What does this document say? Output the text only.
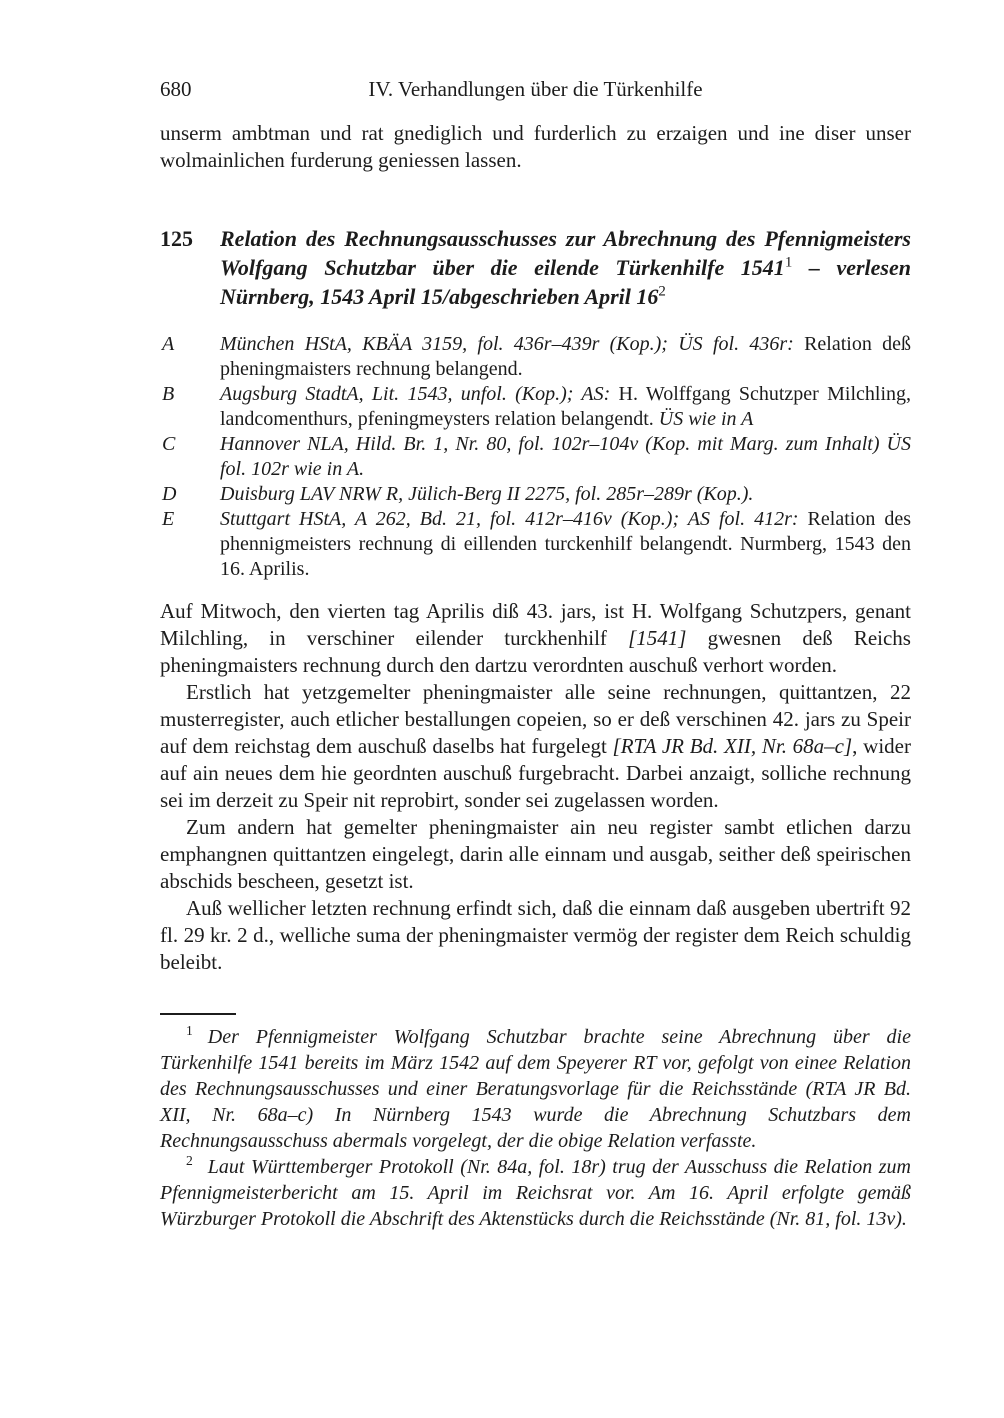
680	IV. Verhandlungen über die Türkenhilfe

unserm ambtman und rat gnediglich und furderlich zu erzaigen und ine diser unser wolmainlichen furderung geniessen lassen.

125 Relation des Rechnungsausschusses zur Abrechnung des Pfennigmeisters Wolfgang Schutzbar über die eilende Türkenhilfe 1541$^1$ – verlesen Nürnberg, 1543 April 15/abgeschrieben April $16^2$
A München HStA, KBÄA 3159, fol. 436r–439r (Kop.); ÜS fol. 436r: Relation deß pheningmaisters rechnung belangend.

B Augsburg StadtA, Lit. 1543, unfol. (Kop.); AS: H. Wolffgang Schutzper Milchling, landcomenthurs, pfeningmeysters relation belangendt. ÜS wie in A

C Hannover NLA, Hild. Br. 1, Nr. 80, fol. 102r–104v (Kop. mit Marg. zum Inhalt) ÜS fol. 102r wie in A.

D Duisburg LAV NRW R, Jülich-Berg II 2275, fol. 285r–289r (Kop.).

E Stuttgart HStA, A 262, Bd. 21, fol. 412r–416v (Kop.); AS fol. 412r: Relation des phennigmeisters rechnung di eillenden turckenhilf belangendt. Nurmberg, 1543 den 16. Aprilis.

Auf Mitwoch, den vierten tag Aprilis diß 43. jars, ist H. Wolfgang Schutzpers, genant Milchling, in verschiner eilender turckhenhilf [1541] gwesnen deß Reichs pheningmaisters rechnung durch den dartzu verordnten auschuß verhort worden.

Erstlich hat yetzgemelter pheningmaister alle seine rechnungen, quittantzen, 22 musterregister, auch etlicher bestallungen copeien, so er deß verschinen 42. jars zu Speir auf dem reichstag dem auschuß daselbs hat furgelegt [RTA JR Bd. XII, Nr. 68a–c], wider auf ain neues dem hie geordnten auschuß furgebracht. Darbei anzaigt, solliche rechnung sei im derzeit zu Speir nit reprobirt, sonder sei zugelassen worden.

Zum andern hat gemelter pheningmaister ain neu register sambt etlichen darzu emphangnen quittantzen eingelegt, darin alle einnam und ausgab, seither deß speirischen abschids bescheen, gesetzt ist.

Auß wellicher letzten rechnung erfindt sich, daß die einnam daß ausgeben ubertrift 92 fl. 29 kr. 2 d., welliche suma der pheningmaister vermög der register dem Reich schuldig beleibt.

$^1$ Der Pfennigmeister Wolfgang Schutzbar brachte seine Abrechnung über die Türkenhilfe 1541 bereits im März 1542 auf dem Speyerer RT vor, gefolgt von einee Relation des Rechnungsausschusses und einer Beratungsvorlage für die Reichsstände (RTA JR Bd. XII, Nr. 68a–c) In Nürnberg 1543 wurde die Abrechnung Schutzbars dem Rechnungsausschuss abermals vorgelegt, der die obige Relation verfasste.

$^2$ Laut Württemberger Protokoll (Nr. 84a, fol. 18r) trug der Ausschuss die Relation zum Pfennigmeisterbericht am 15. April im Reichsrat vor. Am 16. April erfolgte gemäß Würzburger Protokoll die Abschrift des Aktenstücks durch die Reichsstände (Nr. 81, fol. 13v).
